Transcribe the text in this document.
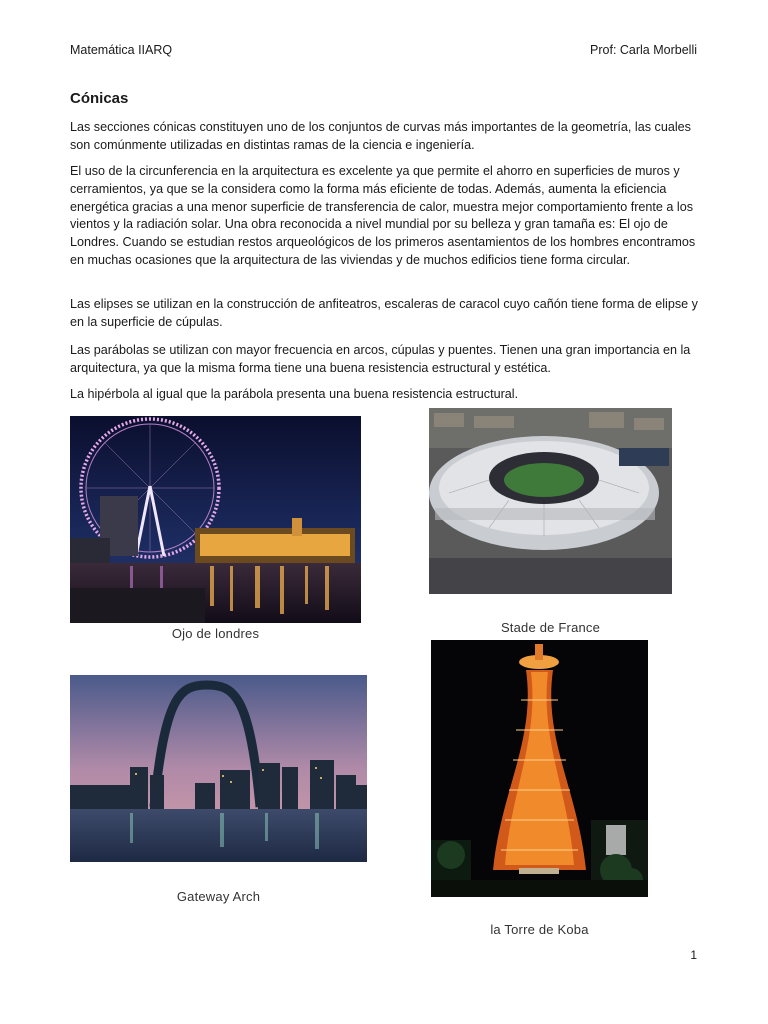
Matemática IIARQ	Prof: Carla Morbelli
Cónicas

Las secciones cónicas constituyen uno de los conjuntos de curvas más importantes de la geometría, las cuales son comúnmente utilizadas en distintas ramas de la ciencia e ingeniería.

El uso de la circunferencia en la arquitectura es excelente ya que permite el ahorro en superficies de muros y cerramientos, ya que se la considera como la forma más eficiente de todas. Además, aumenta la eficiencia energética gracias a una menor superficie de transferencia de calor, muestra mejor comportamiento frente a los vientos y la radiación solar. Una obra reconocida a nivel mundial por su belleza y gran tamaña es: El ojo de Londres. Cuando se estudian restos arqueológicos de los primeros asentamientos de los hombres encontramos en muchas ocasiones que la arquitectura de las viviendas y de muchos edificios tiene forma circular.

Las elipses se utilizan en la construcción de anfiteatros, escaleras de caracol cuyo cañón tiene forma de elipse y en la superficie de cúpulas.

Las parábolas se utilizan con mayor frecuencia en arcos, cúpulas y puentes. Tienen una gran importancia en la arquitectura, ya que la misma forma tiene una buena resistencia estructural y estética.

La hipérbola al igual que la parábola presenta una buena resistencia estructural.

Ojo de londres	Stade de France
Gateway Arch
la Torre de Koba
1
